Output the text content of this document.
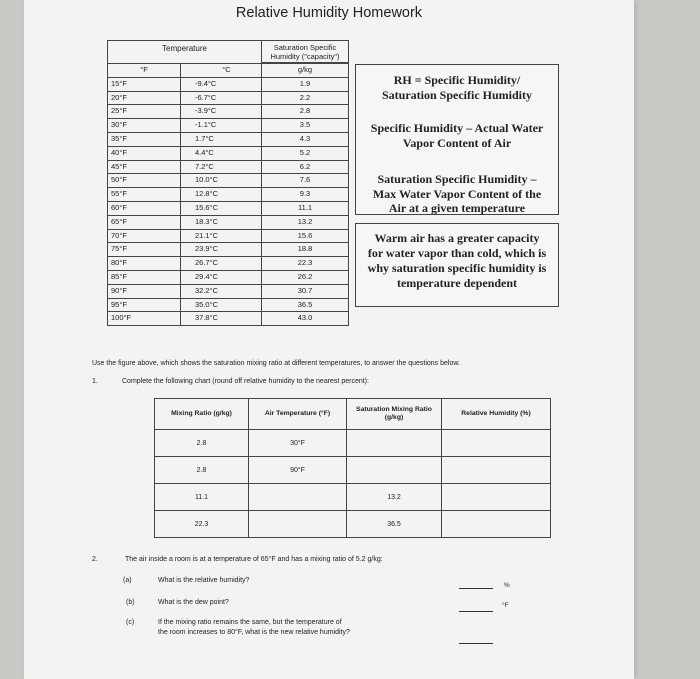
Relative Humidity Homework
Temperature		Saturation Specific
Humidity ("capacity")

°F	°C	g/kg
15°F	-9.4°C	1.9
20°F	-6.7°C	2.2
25°F	-3.9°C	2.8
30°F	-1.1°C	3.5
35°F	1.7°C	4.3
40°F	4.4°C	5.2
45°F	7.2°C	6.2
50°F	10.0°C	7.6
55°F	12.8°C	9.3
60°F	15.6°C	11.1
65°F	18.3°C	13.2
70°F	21.1°C	15.6
75°F	23.9°C	18.8
80°F	26.7°C	22.3
85°F	29.4°C	26.2
90°F	32.2°C	30.7
95°F	35.0°C	36.5
100°F	37.8°C	43.0

RH = Specific Humidity/

Saturation Specific Humidity

Specific Humidity – Actual Water

Vapor Content of Air

Saturation Specific Humidity –

Max Water Vapor Content of the

Air at a given temperature

Warm air has a greater capacity

for water vapor than cold, which is

why saturation specific humidity is

temperature dependent

Use the figure above, which shows the saturation mixing ratio at different temperatures, to answer the questions below.
1.	Complete the following chart (round off relative humidity to the nearest percent):
Mixing Ratio (g/kg)	Air Temperature (°F)	Saturation Mixing Ratio (g/kg)	Relative Humidity (%)
2.8	30°F		
2.8	90°F		
11.1		13.2	
22.3		36.5	
2.	The air inside a room is at a temperature of 65°F and has a mixing ratio of 5.2 g/kg:
(a)	What is the relative humidity?
%
(b)	What is the dew point?	°F
(c)	If the mixing ratio remains the same, but the temperature of
the room increases to 80°F, what is the new relative humidity?
